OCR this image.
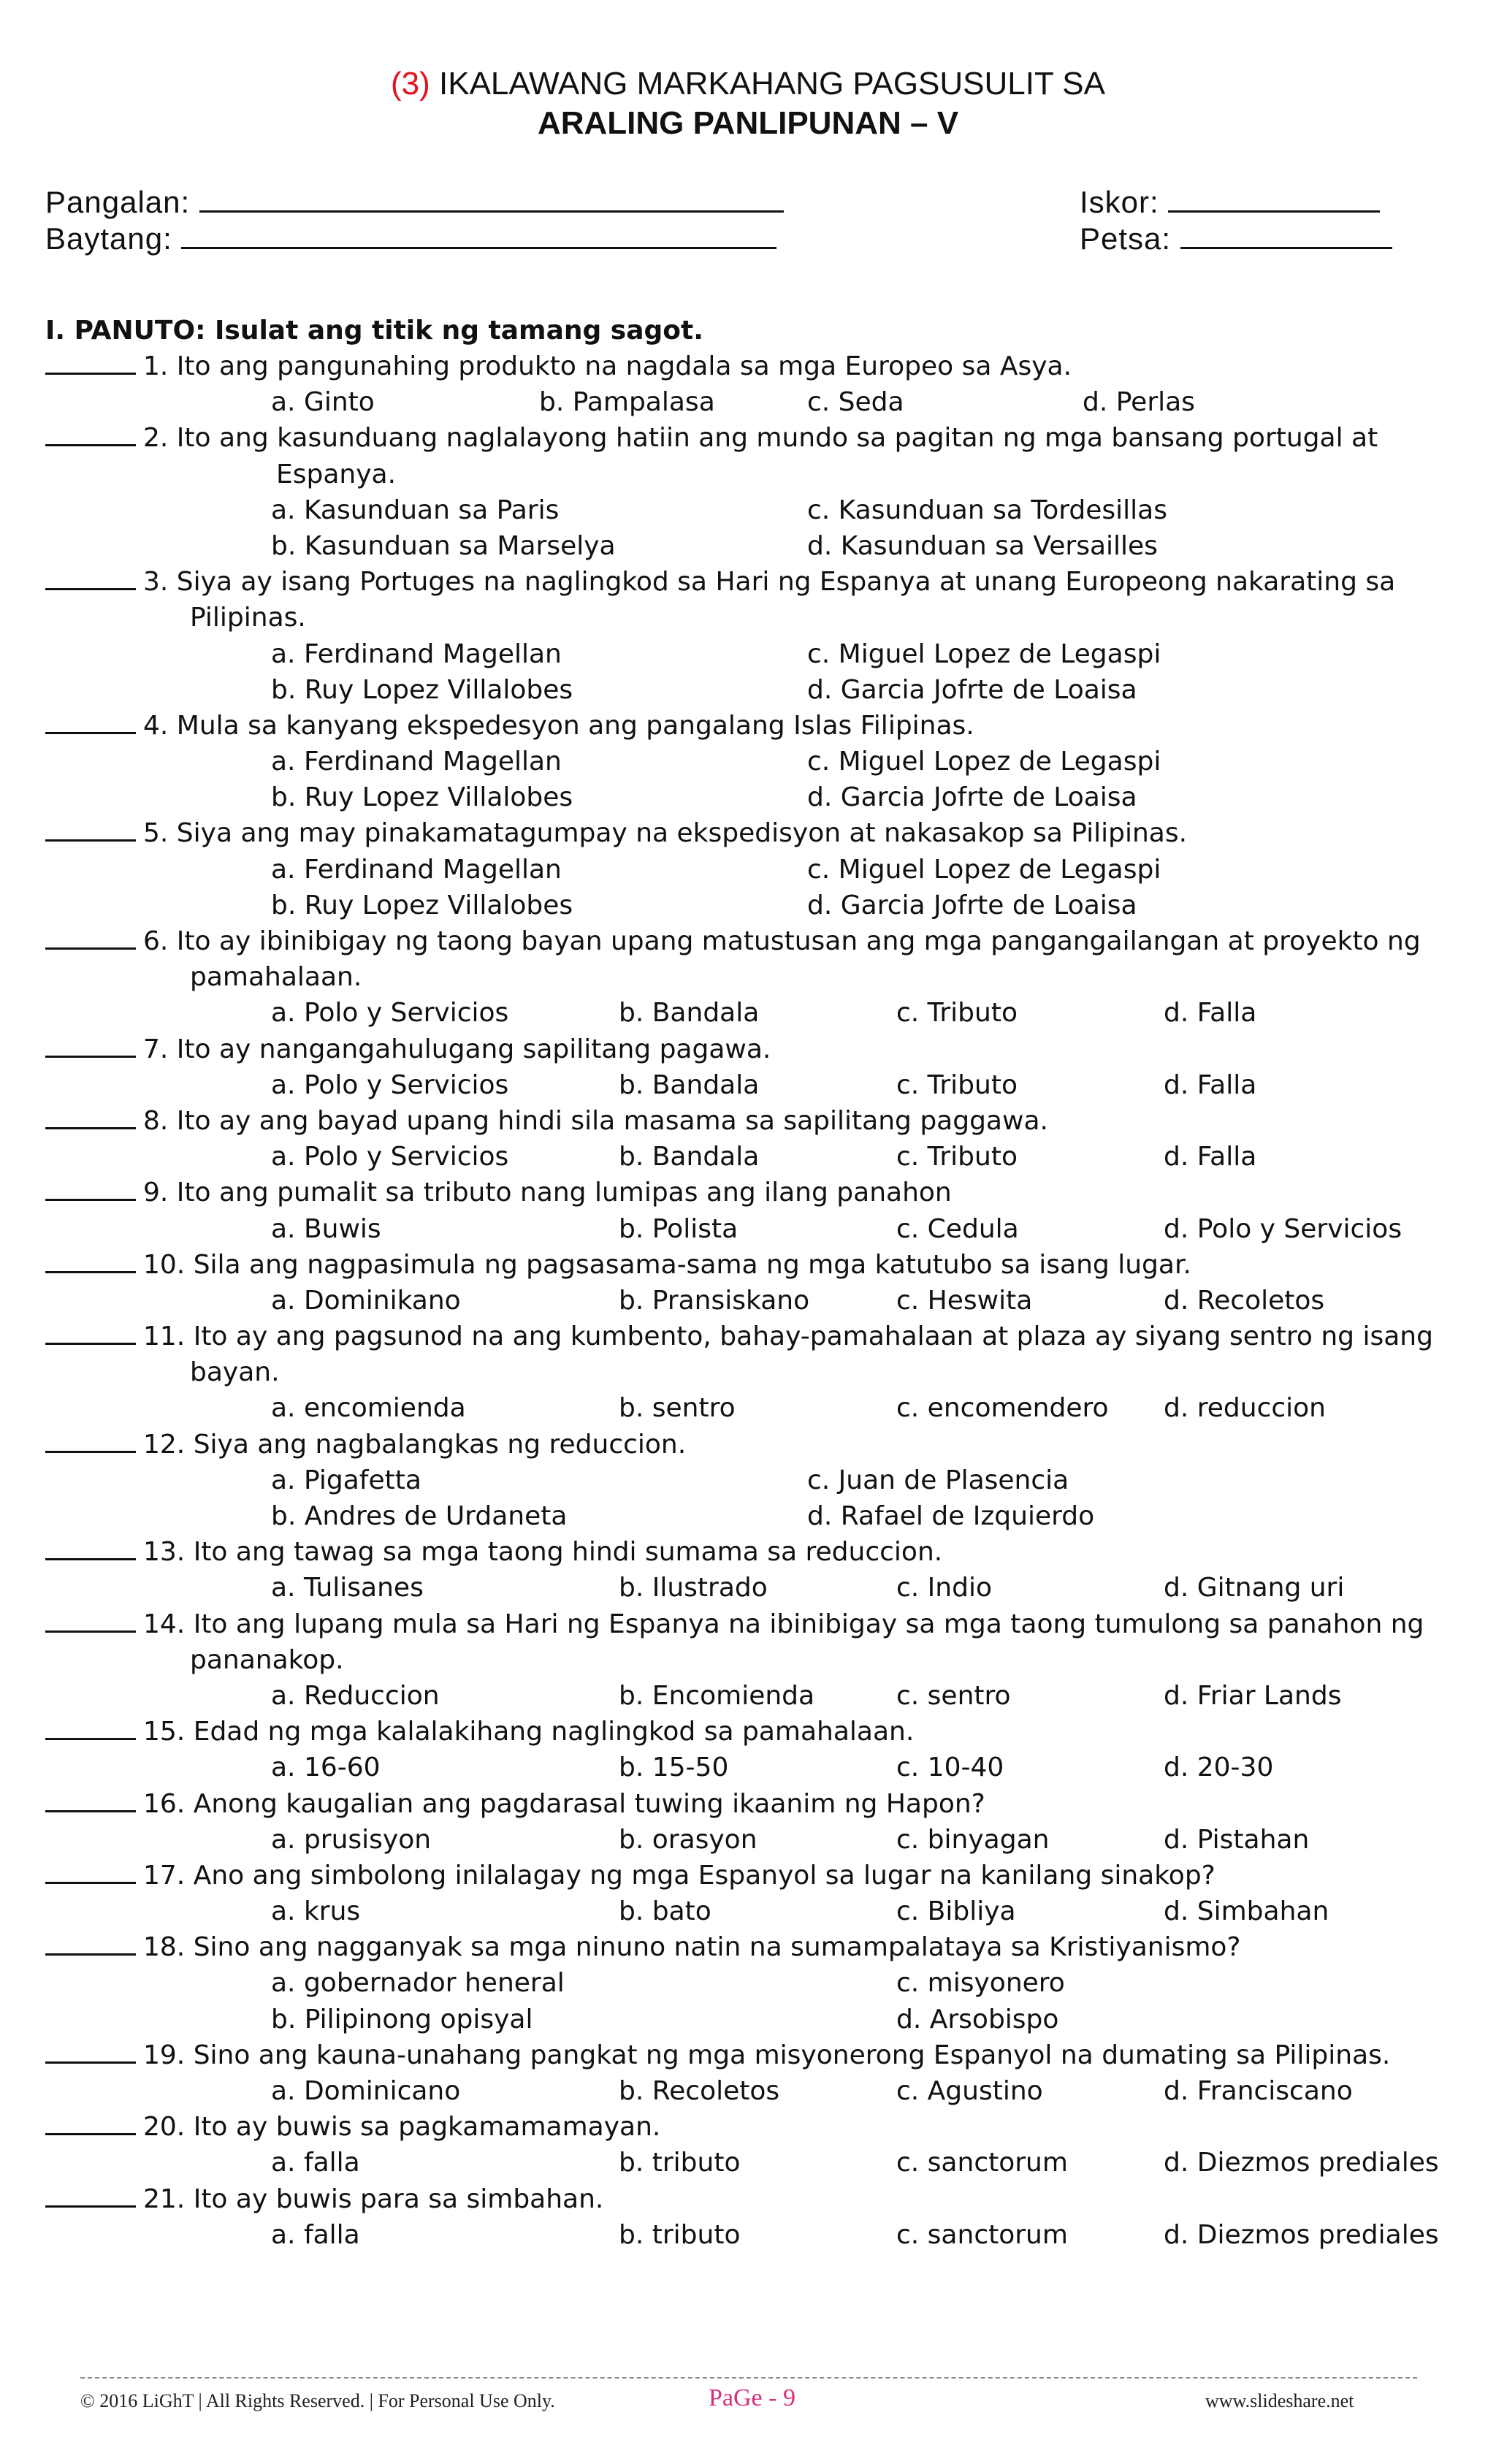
(3) IKALAWANG MARKAHANG PAGSUSULIT SA
ARALING PANLIPUNAN – V
Pangalan:
Baytang:
Iskor:
Petsa:
I. PANUTO: Isulat ang titik ng tamang sagot.
1. Ito ang pangunahing produkto na nagdala sa mga Europeo sa Asya.
a. Ginto	b. Pampalasa	c. Seda	d. Perlas
2. Ito ang kasunduang naglalayong hatiin ang mundo sa pagitan ng mga bansang portugal at
Espanya.
a. Kasunduan sa Paris	c. Kasunduan sa Tordesillas
b. Kasunduan sa Marselya	d. Kasunduan sa Versailles
3. Siya ay isang Portuges na naglingkod sa Hari ng Espanya at unang Europeong nakarating sa
Pilipinas.
a. Ferdinand Magellan	c. Miguel Lopez de Legaspi
b. Ruy Lopez Villalobes	d. Garcia Jofrte de Loaisa
4. Mula sa kanyang ekspedesyon ang pangalang Islas Filipinas.
a. Ferdinand Magellan	c. Miguel Lopez de Legaspi
b. Ruy Lopez Villalobes	d. Garcia Jofrte de Loaisa
5. Siya ang may pinakamatagumpay na ekspedisyon at nakasakop sa Pilipinas.
a. Ferdinand Magellan	c. Miguel Lopez de Legaspi
b. Ruy Lopez Villalobes	d. Garcia Jofrte de Loaisa
6. Ito ay ibinibigay ng taong bayan upang matustusan ang mga pangangailangan at proyekto ng
pamahalaan.
a. Polo y Servicios	b. Bandala	c. Tributo	d. Falla
7. Ito ay nangangahulugang sapilitang pagawa.
a. Polo y Servicios	b. Bandala	c. Tributo	d. Falla
8. Ito ay ang bayad upang hindi sila masama sa sapilitang paggawa.
a. Polo y Servicios	b. Bandala	c. Tributo	d. Falla
9. Ito ang pumalit sa tributo nang lumipas ang ilang panahon
a. Buwis	b. Polista	c. Cedula	d. Polo y Servicios
10. Sila ang nagpasimula ng pagsasama-sama ng mga katutubo sa isang lugar.
a. Dominikano	b. Pransiskano	c. Heswita	d. Recoletos
11. Ito ay ang pagsunod na ang kumbento, bahay-pamahalaan at plaza ay siyang sentro ng isang
bayan.
a. encomienda	b. sentro	c. encomendero d. reduccion
12. Siya ang nagbalangkas ng reduccion.
a. Pigafetta	c. Juan de Plasencia
b. Andres de Urdaneta	d. Rafael de Izquierdo
13. Ito ang tawag sa mga taong hindi sumama sa reduccion.
a. Tulisanes	b. Ilustrado	c. Indio	d. Gitnang uri
14. Ito ang lupang mula sa Hari ng Espanya na ibinibigay sa mga taong tumulong sa panahon ng
pananakop.
a. Reduccion	b. Encomienda	c. sentro	d. Friar Lands
15. Edad ng mga kalalakihang naglingkod sa pamahalaan.
a. 16-60	b. 15-50	c. 10-40	d. 20-30
16. Anong kaugalian ang pagdarasal tuwing ikaanim ng Hapon?
a. prusisyon	b. orasyon	c. binyagan	d. Pistahan
17. Ano ang simbolong inilalagay ng mga Espanyol sa lugar na kanilang sinakop?
a. krus	b. bato	c. Bibliya	d. Simbahan
18. Sino ang nagganyak sa mga ninuno natin na sumampalataya sa Kristiyanismo?
a. gobernador heneral	c. misyonero
b. Pilipinong opisyal	d. Arsobispo
19. Sino ang kauna-unahang pangkat ng mga misyonerong Espanyol na dumating sa Pilipinas.
a. Dominicano	b. Recoletos	c. Agustino	d. Franciscano
20. Ito ay buwis sa pagkamamamayan.
a. falla	b. tributo	c. sanctorum	d. Diezmos prediales
21. Ito ay buwis para sa simbahan.
a. falla	b. tributo	c. sanctorum	d. Diezmos prediales
© 2016 LiGhT | All Rights Reserved. | For Personal Use Only.	PaGe - 9	www.slideshare.net
